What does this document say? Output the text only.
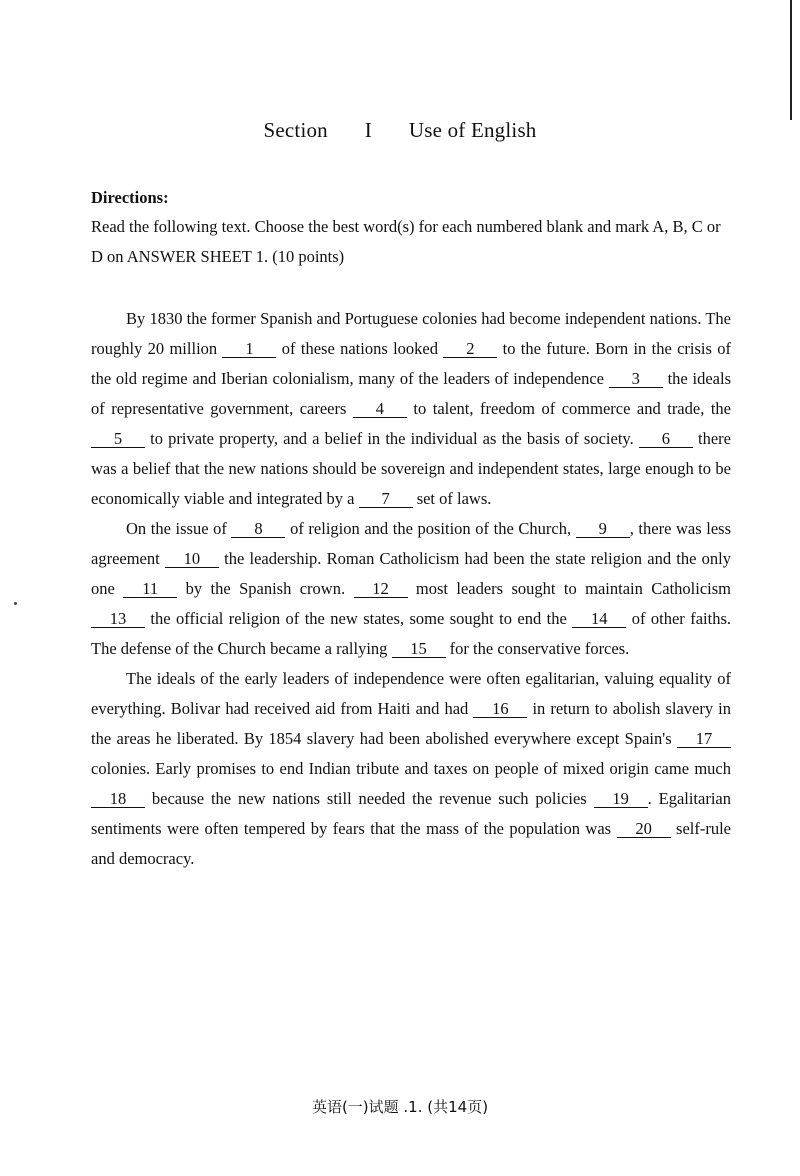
Section I Use of English
Directions:
Read the following text. Choose the best word(s) for each numbered blank and mark A, B, C or D on ANSWER SHEET 1. (10 points)

By 1830 the former Spanish and Portuguese colonies had become independent nations. The roughly 20 million 1 of these nations looked 2 to the future. Born in the crisis of the old regime and Iberian colonialism, many of the leaders of independence 3 the ideals of representative government, careers 4 to talent, freedom of commerce and trade, the 5 to private property, and a belief in the individual as the basis of society. 6 there was a belief that the new nations should be sovereign and independent states, large enough to be economically viable and integrated by a 7 set of laws.

On the issue of 8 of religion and the position of the Church, 9 , there was less agreement 10 the leadership. Roman Catholicism had been the state religion and the only one 11 by the Spanish crown. 12 most leaders sought to maintain Catholicism 13 the official religion of the new states, some sought to end the 14 of other faiths. The defense of the Church became a rallying 15 for the conservative forces.

The ideals of the early leaders of independence were often egalitarian, valuing equality of everything. Bolivar had received aid from Haiti and had 16 in return to abolish slavery in the areas he liberated. By 1854 slavery had been abolished everywhere except Spain's 17 colonies. Early promises to end Indian tribute and taxes on people of mixed origin came much 18 because the new nations still needed the revenue such policies 19 . Egalitarian sentiments were often tempered by fears that the mass of the population was 20 self-rule and democracy.

英语(一)试题 .1. (共14页)
